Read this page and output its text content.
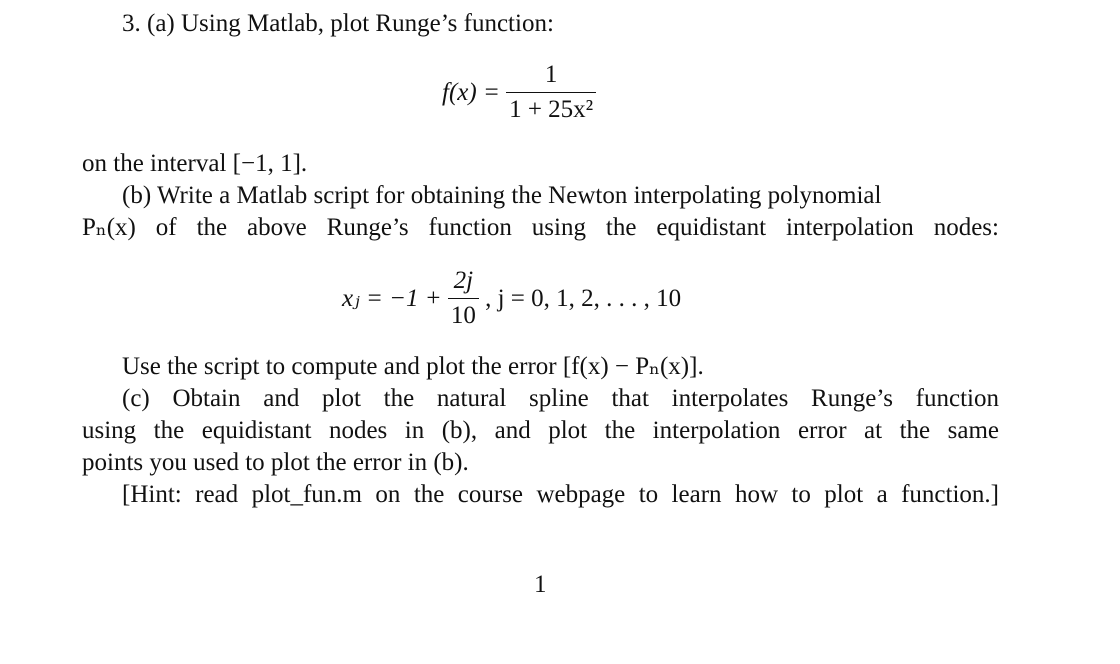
3. (a) Using Matlab, plot Runge’s function:
$f(x) = \frac{1}{\text{1 + 25x²}}$
on the interval [−1, 1].
(b) Write a Matlab script for obtaining the Newton interpolating polynomial
Pₙ(x) of the above Runge’s function using the equidistant interpolation nodes:
xⱼ = $-1 + \frac{2j}{10}$ , j = 0, 1, 2, . . . , 10
Use the script to compute and plot the error [f(x) − Pₙ(x)].
(c) Obtain and plot the natural spline that interpolates Runge’s function
using the equidistant nodes in (b), and plot the interpolation error at the same
points you used to plot the error in (b).
[Hint: read plot_fun.m on the course webpage to learn how to plot a function.]
1
